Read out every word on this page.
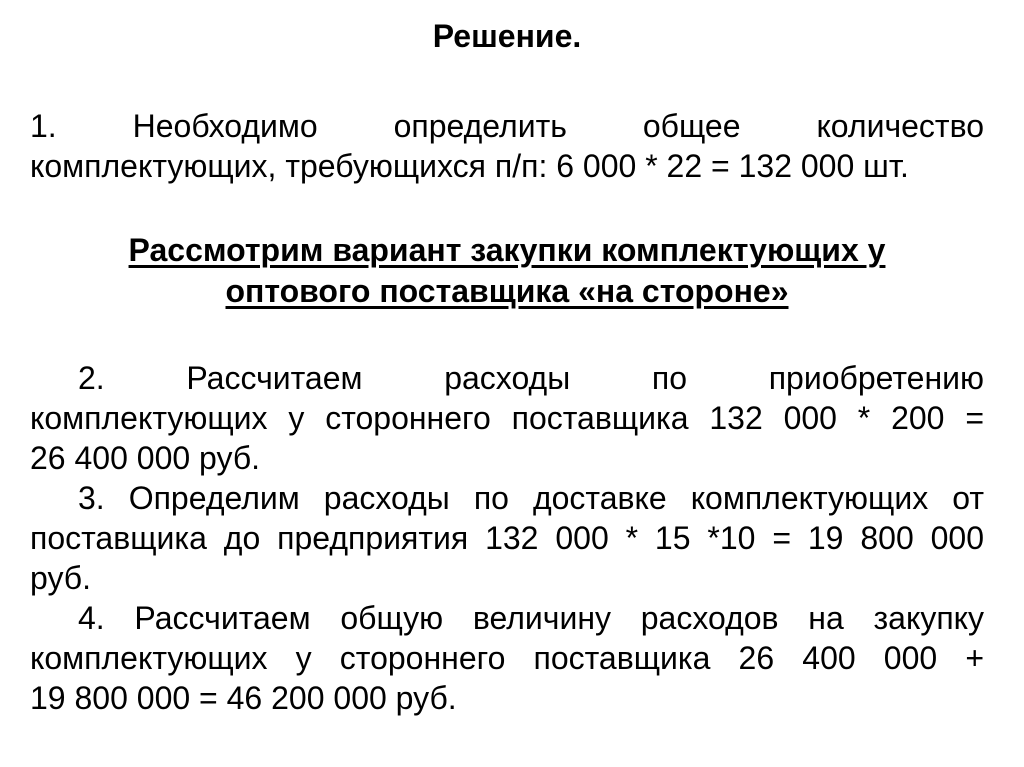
Решение.
1. Необходимо определить общее количество
комплектующих, требующихся п/п: 6 000 * 22 = 132 000 шт.
Рассмотрим вариант закупки комплектующих у
оптового поставщика «на стороне»
2. Рассчитаем расходы по приобретению
комплектующих у стороннего поставщика 132 000 * 200 =
26 400 000 руб.
3. Определим расходы по доставке комплектующих от
поставщика до предприятия 132 000 * 15 *10 = 19 800 000
руб.
4. Рассчитаем общую величину расходов на закупку
комплектующих у стороннего поставщика 26 400 000 +
19 800 000 = 46 200 000 руб.
